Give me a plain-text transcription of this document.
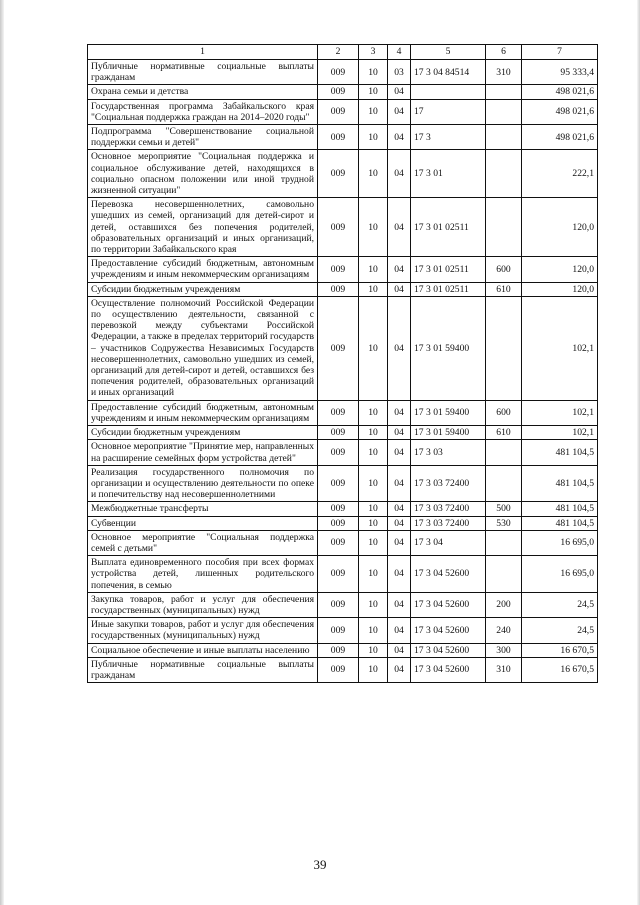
1	2	3	4	5	6	7
Публичные нормативные социальные выплаты гражданам	009	10	03	17 3 04 84514	310	95 333,4
Охрана семьи и детства	009	10	04			498 021,6
Государственная программа Забайкальского края "Социальная поддержка граждан на 2014–2020 годы"	009	10	04	17		498 021,6
Подпрограмма "Совершенствование социальной поддержки семьи и детей"	009	10	04	17 3		498 021,6
Основное мероприятие "Социальная поддержка и социальное обслуживание детей, находящихся в социально опасном положении или иной трудной жизненной ситуации"	009	10	04	17 3 01		222,1
Перевозка несовершеннолетних, самовольно ушедших из семей, организаций для детей-сирот и детей, оставшихся без попечения родителей, образовательных организаций и иных организаций, по территории Забайкальского края	009	10	04	17 3 01 02511		120,0
Предоставление субсидий бюджетным, автономным учреждениям и иным некоммерческим организациям	009	10	04	17 3 01 02511	600	120,0
Субсидии бюджетным учреждениям	009	10	04	17 3 01 02511	610	120,0
Осуществление полномочий Российской Федерации по осуществлению деятельности, связанной с перевозкой между субъектами Российской Федерации, а также в пределах территорий государств – участников Содружества Независимых Государств несовершеннолетних, самовольно ушедших из семей, организаций для детей-сирот и детей, оставшихся без попечения родителей, образовательных организаций и иных организаций	009	10	04	17 3 01 59400		102,1
Предоставление субсидий бюджетным, автономным учреждениям и иным некоммерческим организациям	009	10	04	17 3 01 59400	600	102,1
Субсидии бюджетным учреждениям	009	10	04	17 3 01 59400	610	102,1
Основное мероприятие "Принятие мер, направленных на расширение семейных форм устройства детей"	009	10	04	17 3 03		481 104,5
Реализация государственного полномочия по организации и осуществлению деятельности по опеке и попечительству над несовершеннолетними	009	10	04	17 3 03 72400		481 104,5
Межбюджетные трансферты	009	10	04	17 3 03 72400	500	481 104,5
Субвенции	009	10	04	17 3 03 72400	530	481 104,5
Основное мероприятие "Социальная поддержка семей с детьми"	009	10	04	17 3 04		16 695,0
Выплата единовременного пособия при всех формах устройства детей, лишенных родительского попечения, в семью	009	10	04	17 3 04 52600		16 695,0
Закупка товаров, работ и услуг для обеспечения государственных (муниципальных) нужд	009	10	04	17 3 04 52600	200	24,5
Иные закупки товаров, работ и услуг для обеспечения государственных (муниципальных) нужд	009	10	04	17 3 04 52600	240	24,5
Социальное обеспечение и иные выплаты населению	009	10	04	17 3 04 52600	300	16 670,5
Публичные нормативные социальные выплаты гражданам	009	10	04	17 3 04 52600	310	16 670,5
39
